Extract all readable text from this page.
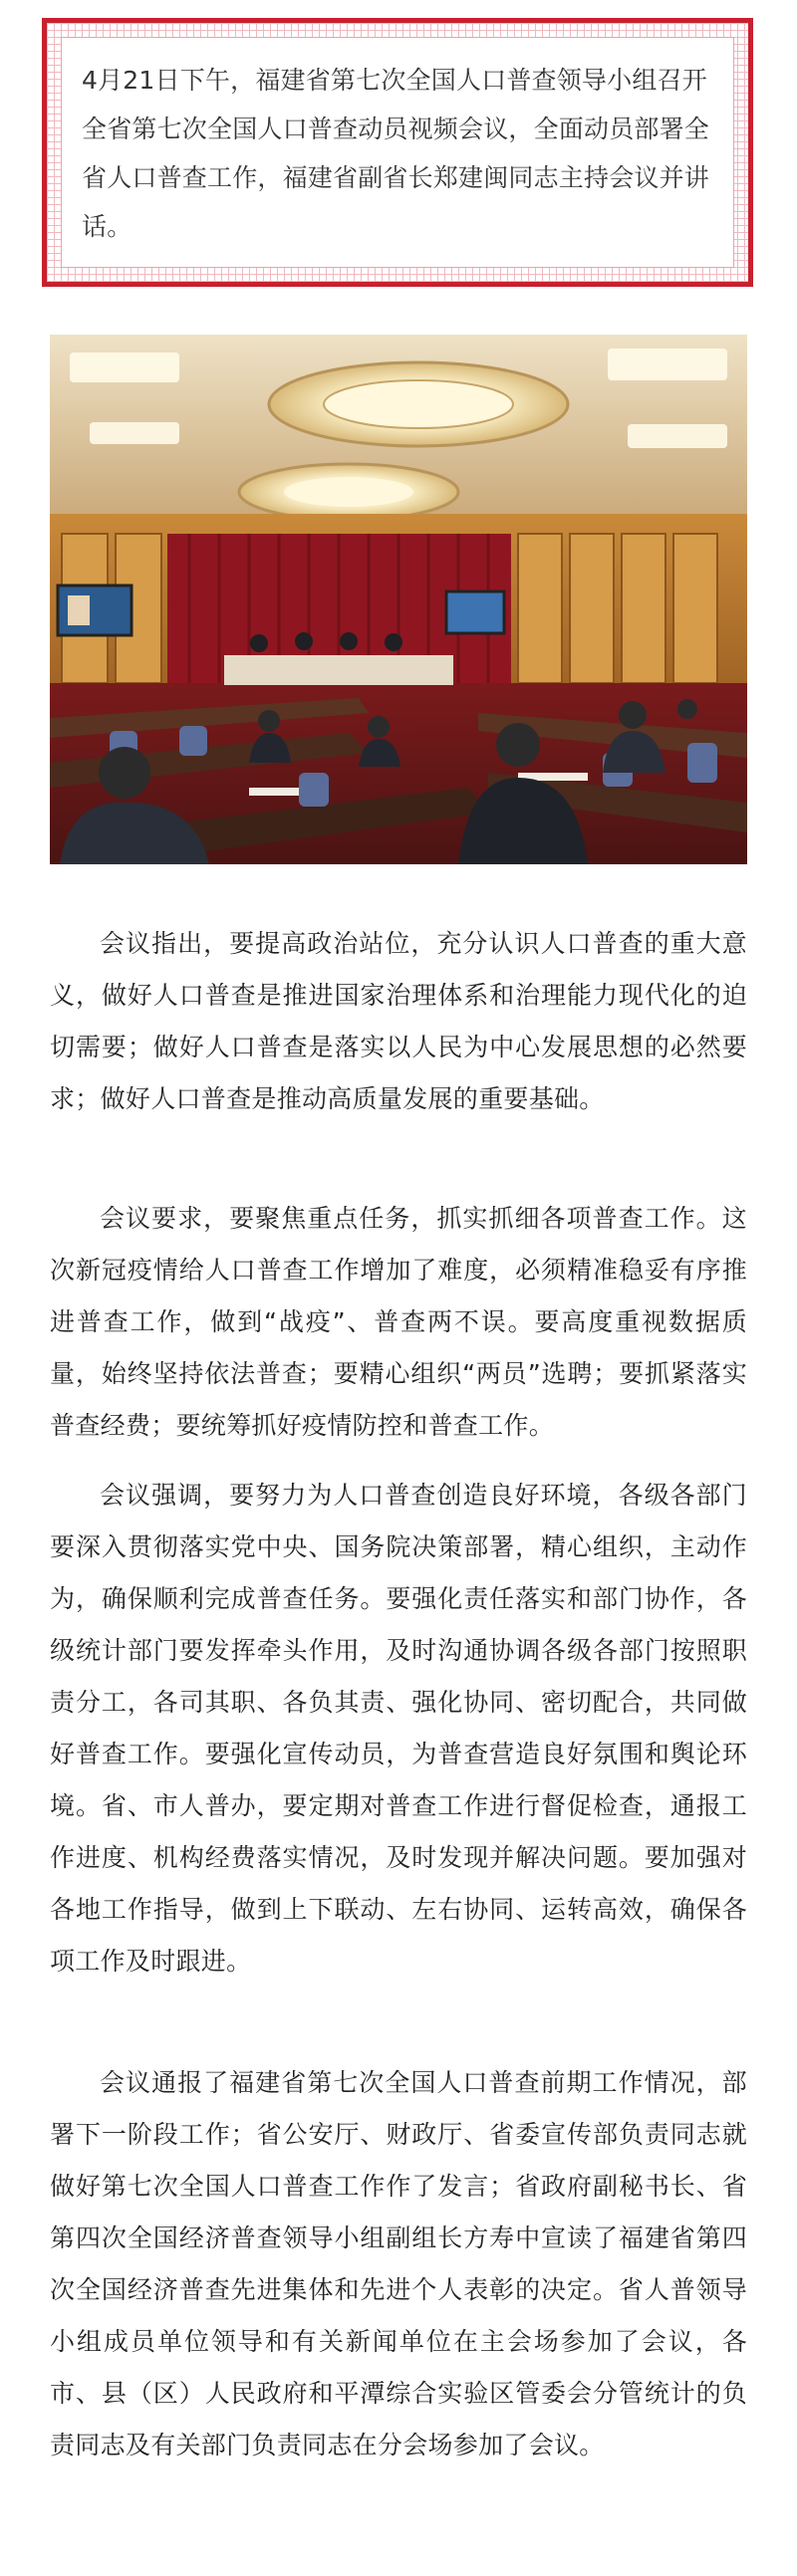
4月21日下午，福建省第七次全国人口普查领导小组召开全省第七次全国人口普查动员视频会议，全面动员部署全省人口普查工作，福建省副省长郑建闽同志主持会议并讲话。

会议指出，要提高政治站位，充分认识人口普查的重大意义，做好人口普查是推进国家治理体系和治理能力现代化的迫切需要；做好人口普查是落实以人民为中心发展思想的必然要求；做好人口普查是推动高质量发展的重要基础。

会议要求，要聚焦重点任务，抓实抓细各项普查工作。这次新冠疫情给人口普查工作增加了难度，必须精准稳妥有序推进普查工作，做到“战疫”、普查两不误。要高度重视数据质量，始终坚持依法普查；要精心组织“两员”选聘；要抓紧落实普查经费；要统筹抓好疫情防控和普查工作。

会议强调，要努力为人口普查创造良好环境，各级各部门要深入贯彻落实党中央、国务院决策部署，精心组织，主动作为，确保顺利完成普查任务。要强化责任落实和部门协作，各级统计部门要发挥牵头作用，及时沟通协调各级各部门按照职责分工，各司其职、各负其责、强化协同、密切配合，共同做好普查工作。要强化宣传动员，为普查营造良好氛围和舆论环境。省、市人普办，要定期对普查工作进行督促检查，通报工作进度、机构经费落实情况，及时发现并解决问题。要加强对各地工作指导，做到上下联动、左右协同、运转高效，确保各项工作及时跟进。

会议通报了福建省第七次全国人口普查前期工作情况，部署下一阶段工作；省公安厅、财政厅、省委宣传部负责同志就做好第七次全国人口普查工作作了发言；省政府副秘书长、省第四次全国经济普查领导小组副组长方寿中宣读了福建省第四次全国经济普查先进集体和先进个人表彰的决定。省人普领导小组成员单位领导和有关新闻单位在主会场参加了会议，各市、县（区）人民政府和平潭综合实验区管委会分管统计的负责同志及有关部门负责同志在分会场参加了会议。
